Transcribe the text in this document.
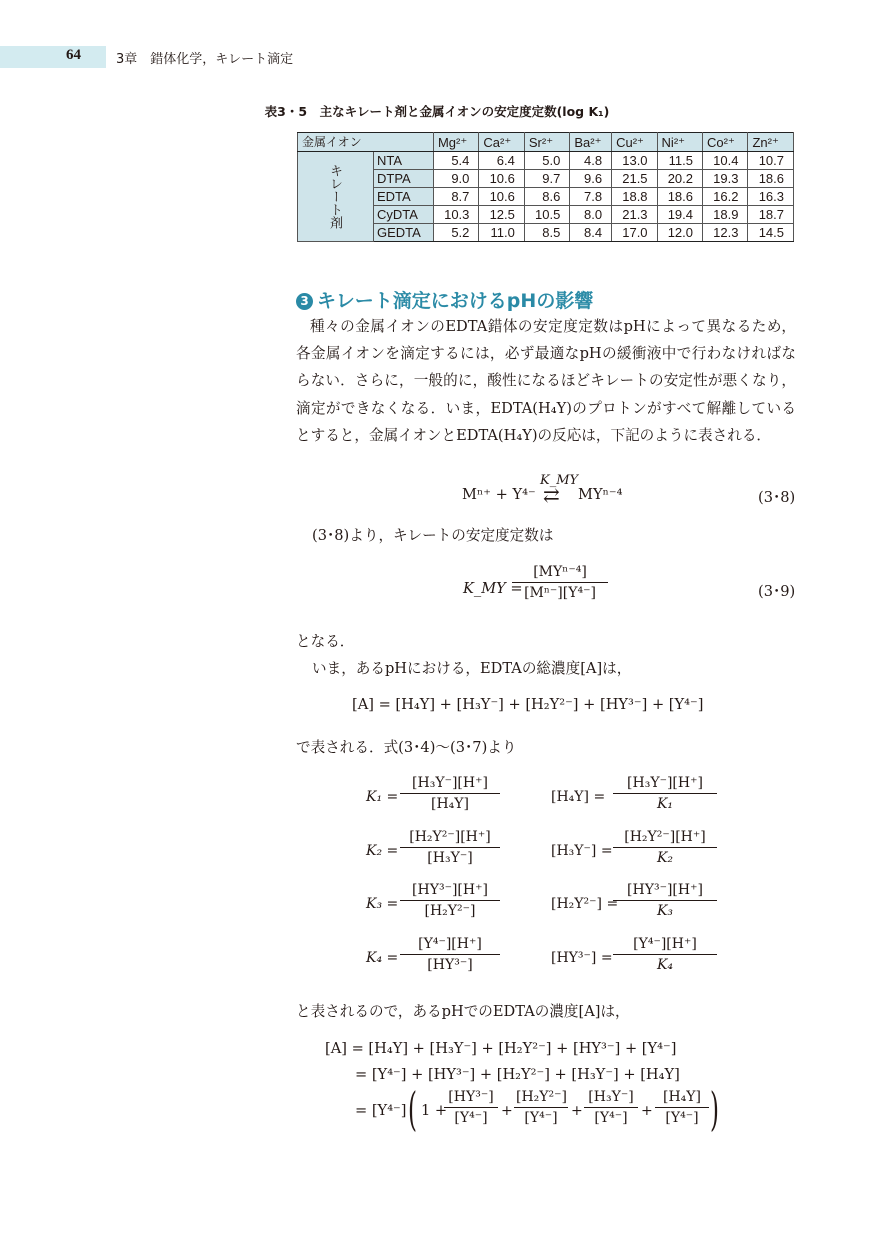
64	3章　錯体化学，キレート滴定
表3・5　主なキレート剤と金属イオンの安定度定数(log K₁)
金属イオン		Mg²⁺	Ca²⁺	Sr²⁺	Ba²⁺	Cu²⁺	Ni²⁺	Co²⁺	Zn²⁺
キレート剤	NTA	5.4	6.4	5.0	4.8	13.0	11.5	10.4	10.7
	DTPA	9.0	10.6	9.7	9.6	21.5	20.2	19.3	18.6
	EDTA	8.7	10.6	8.6	7.8	18.8	18.6	16.2	16.3
	CyDTA	10.3	12.5	10.5	8.0	21.3	19.4	18.9	18.7
	GEDTA	5.2	11.0	8.5	8.4	17.0	12.0	12.3	14.5
3 キレート滴定におけるpHの影響
種々の金属イオンのEDTA錯体の安定度定数はpHによって異なるため，各金属イオンを滴定するには，必ず最適なpHの緩衝液中で行わなければならない．さらに，一般的に，酸性になるほどキレートの安定性が悪くなり，滴定ができなくなる．いま，EDTA(H₄Y)のプロトンがすべて解離しているとすると，金属イオンとEDTA(H₄Y)の反応は，下記のように表される．
Mⁿ⁺ + Y⁴⁻
K_MY
⇄ MYⁿ⁻⁴	(3･8)
(3･8)より，キレートの安定度定数は
K_MY =
[MYⁿ⁻⁴]
[Mⁿ⁻][Y⁴⁻]	(3･9)
となる．
いま，あるpHにおける，EDTAの総濃度[A]は，
[A] = [H₄Y] + [H₃Y⁻] + [H₂Y²⁻] + [HY³⁻] + [Y⁴⁻]
で表される．式(3･4)～(3･7)より
$K_1 = \frac{\text{[H₃Y⁻][H⁺]}}{\text{[H₄Y]}}$	$[H_4Y] = \frac{\text{[H₃Y⁻][H⁺]}}{\text{K₁}}$
$K_2 = \frac{\text{[H₂Y²⁻][H⁺]}}{\text{[H₃Y⁻]}}$	$[H_3Y^-] = \frac{\text{[H₂Y²⁻][H⁺]}}{\text{K₂}}$
$K_3 = \frac{\text{[HY³⁻][H⁺]}}{\text{[H₂Y²⁻]}}$	[H₂Y²⁻] =
$\frac{\text{[HY³⁻][H⁺]}}{\text{K₃}}$
$K_4 = \frac{\text{[Y⁴⁻][H⁺]}}{\text{[HY³⁻]}}$	$[HY^{3-}] = \frac{\text{[Y⁴⁻][H⁺]}}{\text{K₄}}$
と表されるので，あるpHでのEDTAの濃度[A]は，
[A] = [H₄Y] + [H₃Y⁻] + [H₂Y²⁻] + [HY³⁻] + [Y⁴⁻]
= [Y⁴⁻] + [HY³⁻] + [H₂Y²⁻] + [H₃Y⁻] + [H₄Y]
= [Y⁴⁻] ( 1 +
$\frac{\text{[HY³⁻]}}{\text{[Y⁴⁻]}} + \frac{\text{[H₂Y²⁻]}}{\text{[Y⁴⁻]}} + \frac{\text{[H₃Y⁻]}}{\text{[Y⁴⁻]}} + \frac{\text{[H₄Y]}}{\text{[Y⁴⁻]}}$ )
